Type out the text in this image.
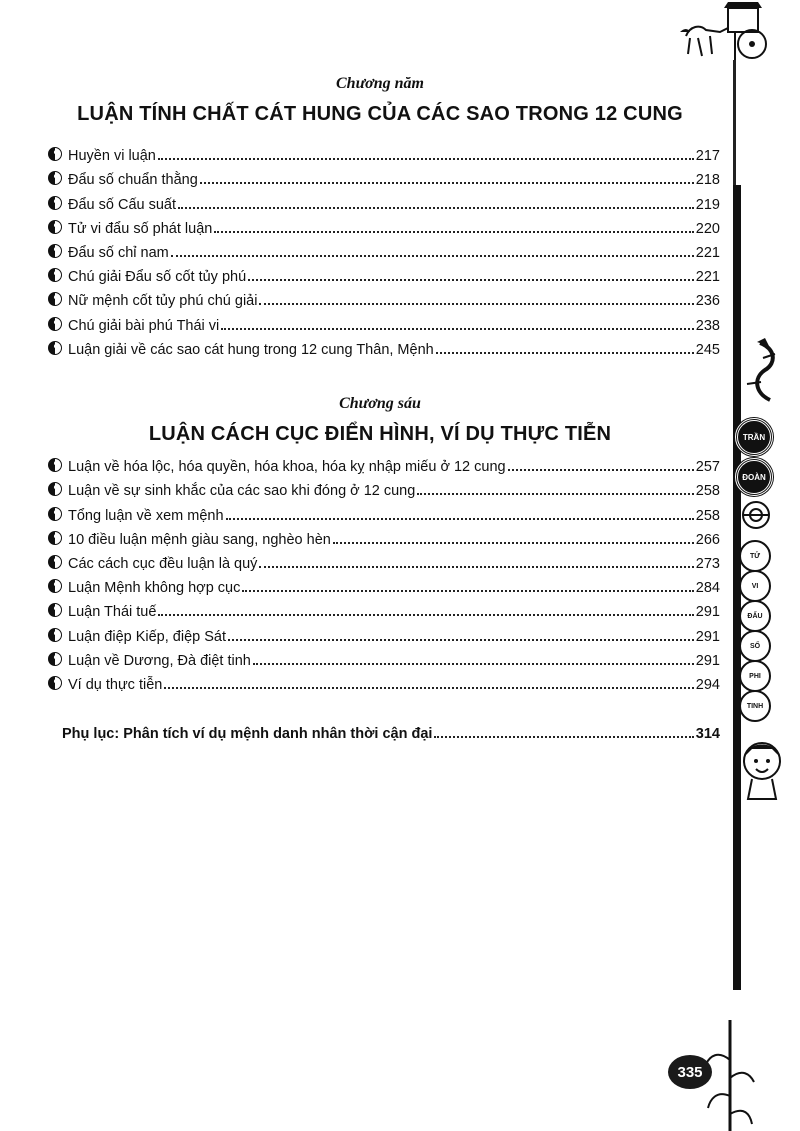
Chương năm
LUẬN TÍNH CHẤT CÁT HUNG CỦA CÁC SAO TRONG 12 CUNG
Huyền vi luận	217
Đẩu số chuẩn thằng	218
Đẩu số Cấu suất	219
Tử vi đẩu số phát luận	220
Đẩu số chỉ nam	221
Chú giải Đẩu số cốt tủy phú	221
Nữ mệnh cốt tủy phú chú giải	236
Chú giải bài phú Thái vi	238
Luận giải về các sao cát hung trong 12 cung Thân, Mệnh	245
Chương sáu
LUẬN CÁCH CỤC ĐIỂN HÌNH, VÍ DỤ THỰC TIỄN
Luận về hóa lộc, hóa quyền, hóa khoa, hóa kỵ nhập miếu ở 12 cung	257
Luận về sự sinh khắc của các sao khi đóng ở 12 cung	258
Tổng luận về xem mệnh	258
10 điều luận mệnh giàu sang, nghèo hèn	266
Các cách cục đều luận là quý	273
Luận Mệnh không hợp cục	284
Luận Thái tuế	291
Luận điệp Kiếp, điệp Sát	291
Luận về Dương, Đà điệt tinh	291
Ví dụ thực tiễn	294
Phụ lục: Phân tích ví dụ mệnh danh nhân thời cận đại	314
TRẦN
ĐOÀN
TỬ
VI
ĐẨU
SỐ
PHI
TINH
335
